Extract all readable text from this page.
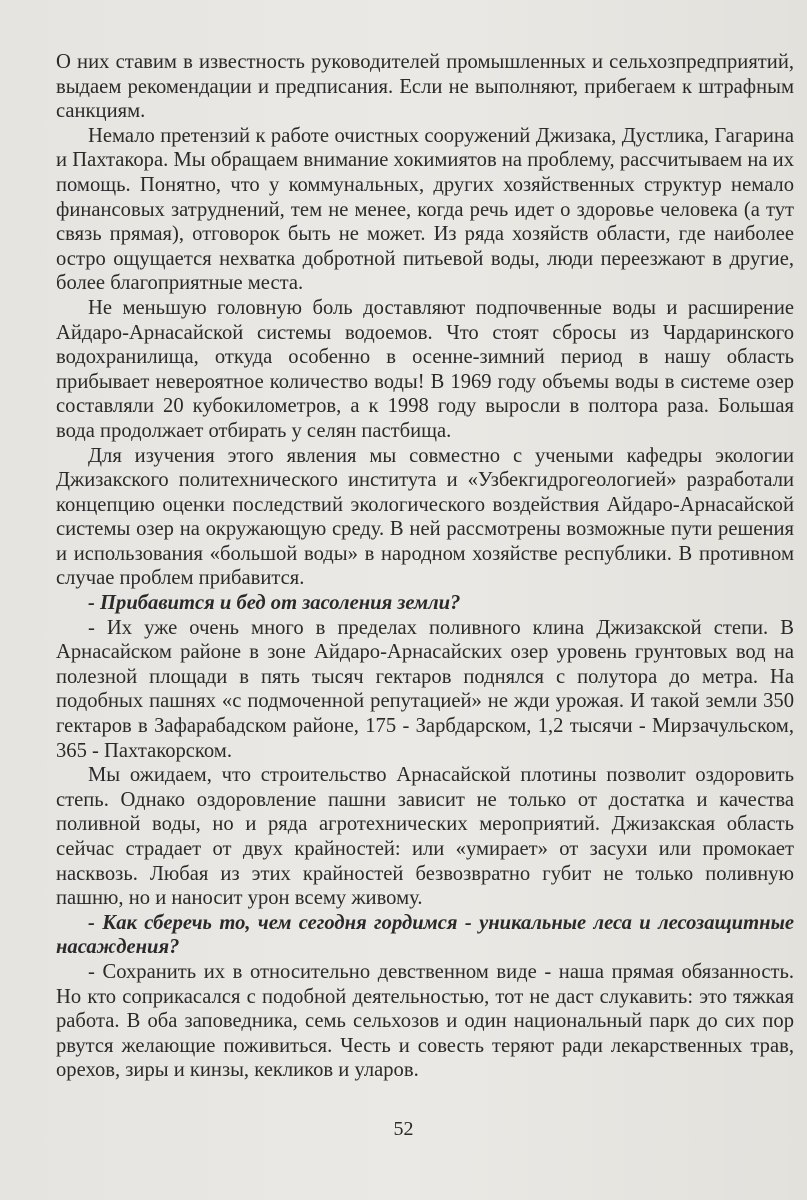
О них ставим в известность руководителей промышленных и сельхозпредприятий, выдаем рекомендации и предписания. Если не выполняют, прибегаем к штрафным санкциям.

Немало претензий к работе очистных сооружений Джизака, Дустлика, Гагарина и Пахтакора. Мы обращаем внимание хокимиятов на проблему, рассчитываем на их помощь. Понятно, что у коммунальных, других хозяйственных структур немало финансовых затруднений, тем не менее, когда речь идет о здоровье человека (а тут связь прямая), отговорок быть не может. Из ряда хозяйств области, где наиболее остро ощущается нехватка добротной питьевой воды, люди переезжают в другие, более благоприятные места.

Не меньшую головную боль доставляют подпочвенные воды и расширение Айдаро-Арнасайской системы водоемов. Что стоят сбросы из Чардаринского водохранилища, откуда особенно в осенне-зимний период в нашу область прибывает невероятное количество воды! В 1969 году объемы воды в системе озер составляли 20 кубокилометров, а к 1998 году выросли в полтора раза. Большая вода продолжает отбирать у селян пастбища.

Для изучения этого явления мы совместно с учеными кафедры экологии Джизакского политехнического института и «Узбекгидрогеологией» разработали концепцию оценки последствий экологического воздействия Айдаро-Арнасайской системы озер на окружающую среду. В ней рассмотрены возможные пути решения и использования «большой воды» в народном хозяйстве республики. В противном случае проблем прибавится.

- Прибавится и бед от засоления земли?

- Их уже очень много в пределах поливного клина Джизакской степи. В Арнасайском районе в зоне Айдаро-Арнасайских озер уровень грунтовых вод на полезной площади в пять тысяч гектаров поднялся с полутора до метра. На подобных пашнях «с подмоченной репутацией» не жди урожая. И такой земли 350 гектаров в Зафарабадском районе, 175 - Зарбдарском, 1,2 тысячи - Мирзачульском, 365 - Пахтакорском.

Мы ожидаем, что строительство Арнасайской плотины позволит оздоровить степь. Однако оздоровление пашни зависит не только от достатка и качества поливной воды, но и ряда агротехнических мероприятий. Джизакская область сейчас страдает от двух крайностей: или «умирает» от засухи или промокает насквозь. Любая из этих крайностей безвозвратно губит не только поливную пашню, но и наносит урон всему живому.

- Как сберечь то, чем сегодня гордимся - уникальные леса и лесозащитные насаждения?

- Сохранить их в относительно девственном виде - наша прямая обязанность. Но кто соприкасался с подобной деятельностью, тот не даст слукавить: это тяжкая работа. В оба заповедника, семь сельхозов и один национальный парк до сих пор рвутся желающие поживиться. Честь и совесть теряют ради лекарственных трав, орехов, зиры и кинзы, кекликов и уларов.

52
